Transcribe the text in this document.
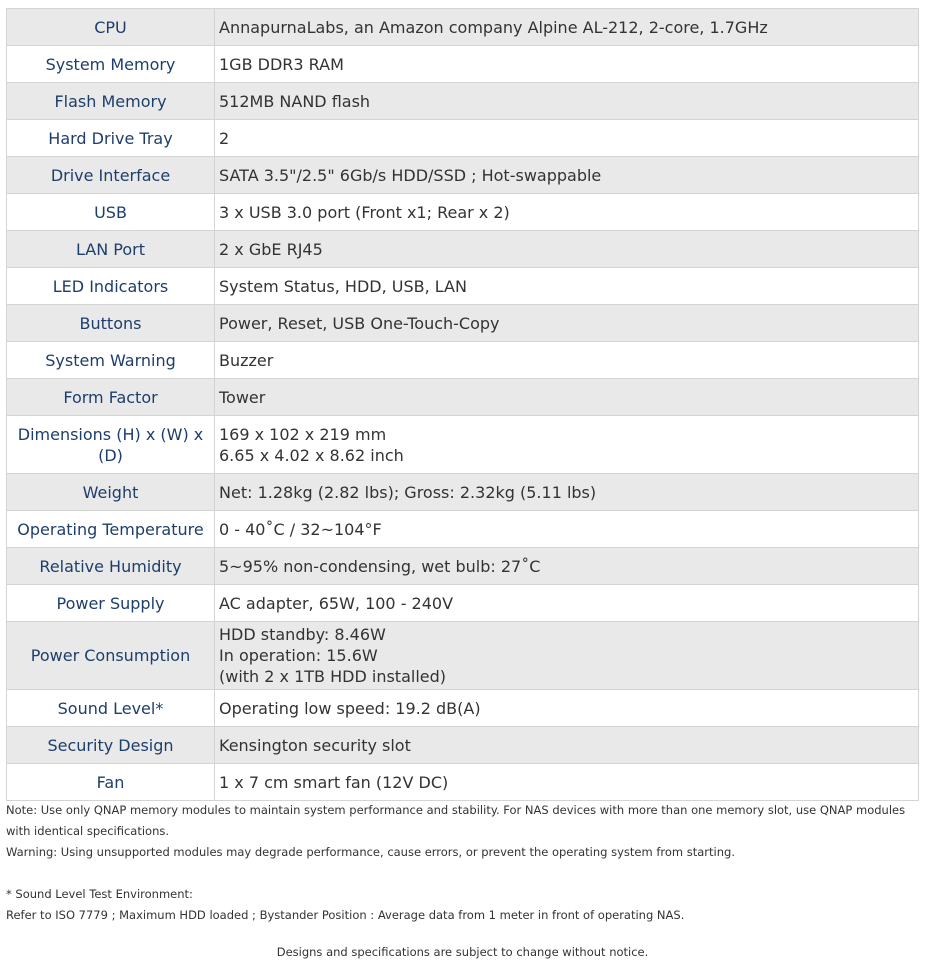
CPU	AnnapurnaLabs, an Amazon company Alpine AL-212, 2-core, 1.7GHz
System Memory	1GB DDR3 RAM
Flash Memory	512MB NAND flash
Hard Drive Tray	2
Drive Interface	SATA 3.5"/2.5" 6Gb/s HDD/SSD ; Hot-swappable
USB	3 x USB 3.0 port (Front x1; Rear x 2)
LAN Port	2 x GbE RJ45
LED Indicators	System Status, HDD, USB, LAN
Buttons	Power, Reset, USB One-Touch-Copy
System Warning	Buzzer
Form Factor	Tower
Dimensions (H) x (W) x (D)	169 x 102 x 219 mm
6.65 x 4.02 x 8.62 inch
Weight	Net: 1.28kg (2.82 lbs); Gross: 2.32kg (5.11 lbs)
Operating Temperature	0 - 40˚C / 32~104°F
Relative Humidity	5~95% non-condensing, wet bulb: 27˚C
Power Supply	AC adapter, 65W, 100 - 240V
Power Consumption	HDD standby: 8.46W
In operation: 15.6W
(with 2 x 1TB HDD installed)
Sound Level*	Operating low speed: 19.2 dB(A)
Security Design	Kensington security slot
Fan	1 x 7 cm smart fan (12V DC)

Note: Use only QNAP memory modules to maintain system performance and stability. For NAS devices with more than one memory slot, use QNAP modules with identical specifications.

Warning: Using unsupported modules may degrade performance, cause errors, or prevent the operating system from starting.

* Sound Level Test Environment:

Refer to ISO 7779 ; Maximum HDD loaded ; Bystander Position : Average data from 1 meter in front of operating NAS.

Designs and specifications are subject to change without notice.
